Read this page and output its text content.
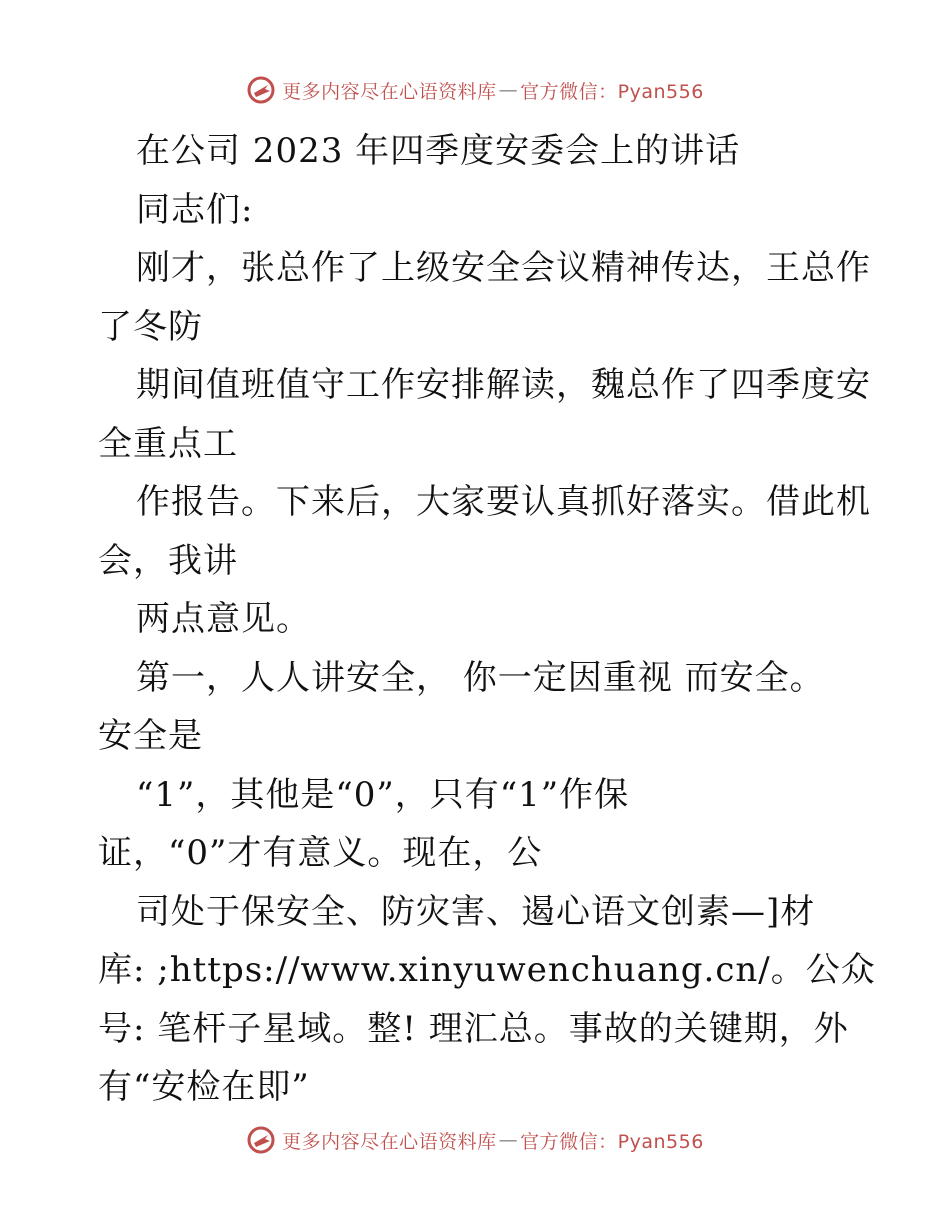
更多内容尽在心语资料库 — 官方微信：Pyan556
在公司 2023 年四季度安委会上的讲话
同志们:
刚才，张总作了上级安全会议精神传达，王总作
了冬防
期间值班值守工作安排解读，魏总作了四季度安
全重点工
作报告。下来后，大家要认真抓好落实。借此机
会，我讲
两点意见。
第一，人人讲安全， 你一定因重视 而安全。
安全是
“1”，其他是“0”，只有“1”作保
证，“0”才有意义。现在，公
司处于保安全、防灾害、遏心语文创素—]材
库: ;https://www.xinyuwenchuang.cn/。公众
号: 笔杆子星域。整! 理汇总。事故的关键期，外
有“安检在即”
更多内容尽在心语资料库 — 官方微信：Pyan556
